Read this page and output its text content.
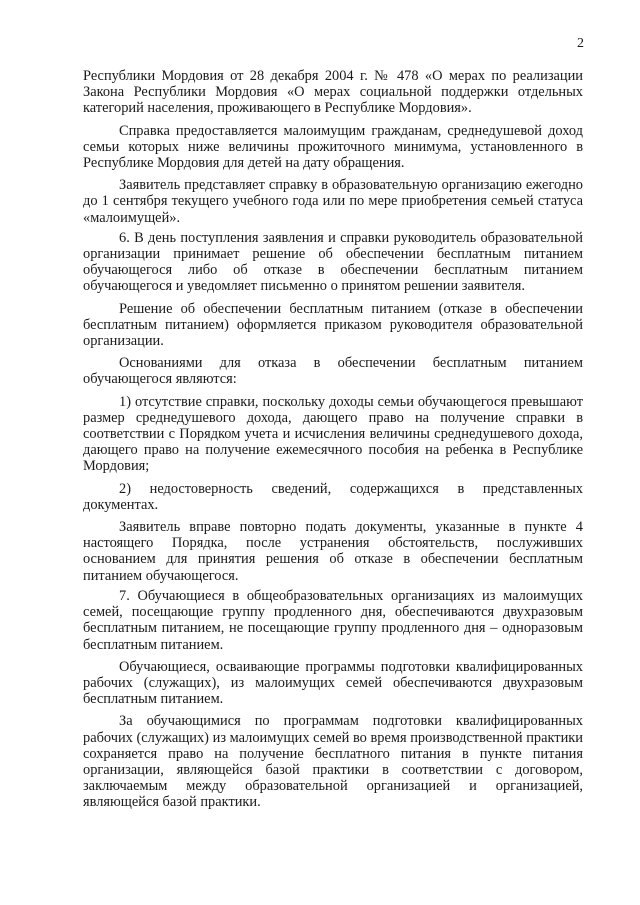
2

Республики Мордовия от 28 декабря 2004 г. № 478 «О мерах по реализации Закона Республики Мордовия «О мерах социальной поддержки отдельных категорий населения, проживающего в Республике Мордовия».

Справка предоставляется малоимущим гражданам, среднедушевой доход семьи которых ниже величины прожиточного минимума, установленного в Республике Мордовия для детей на дату обращения.

Заявитель представляет справку в образовательную организацию ежегодно до 1 сентября текущего учебного года или по мере приобретения семьей статуса «малоимущей».

6. В день поступления заявления и справки руководитель образовательной организации принимает решение об обеспечении бесплатным питанием обучающегося либо об отказе в обеспечении бесплатным питанием обучающегося и уведомляет письменно о принятом решении заявителя.

Решение об обеспечении бесплатным питанием (отказе в обеспечении бесплатным питанием) оформляется приказом руководителя образовательной организации.

Основаниями для отказа в обеспечении бесплатным питанием обучающегося являются:

1) отсутствие справки, поскольку доходы семьи обучающегося превышают размер среднедушевого дохода, дающего право на получение справки в соответствии с Порядком учета и исчисления величины среднедушевого дохода, дающего право на получение ежемесячного пособия на ребенка в Республике Мордовия;

2) недостоверность сведений, содержащихся в представленных документах.

Заявитель вправе повторно подать документы, указанные в пункте 4 настоящего Порядка, после устранения обстоятельств, послуживших основанием для принятия решения об отказе в обеспечении бесплатным питанием обучающегося.

7. Обучающиеся в общеобразовательных организациях из малоимущих семей, посещающие группу продленного дня, обеспечиваются двухразовым бесплатным питанием, не посещающие группу продленного дня – одноразовым бесплатным питанием.

Обучающиеся, осваивающие программы подготовки квалифицированных рабочих (служащих), из малоимущих семей обеспечиваются двухразовым бесплатным питанием.

За обучающимися по программам подготовки квалифицированных рабочих (служащих) из малоимущих семей во время производственной практики сохраняется право на получение бесплатного питания в пункте питания организации, являющейся базой практики в соответствии с договором, заключаемым между образовательной организацией и организацией, являющейся базой практики.
